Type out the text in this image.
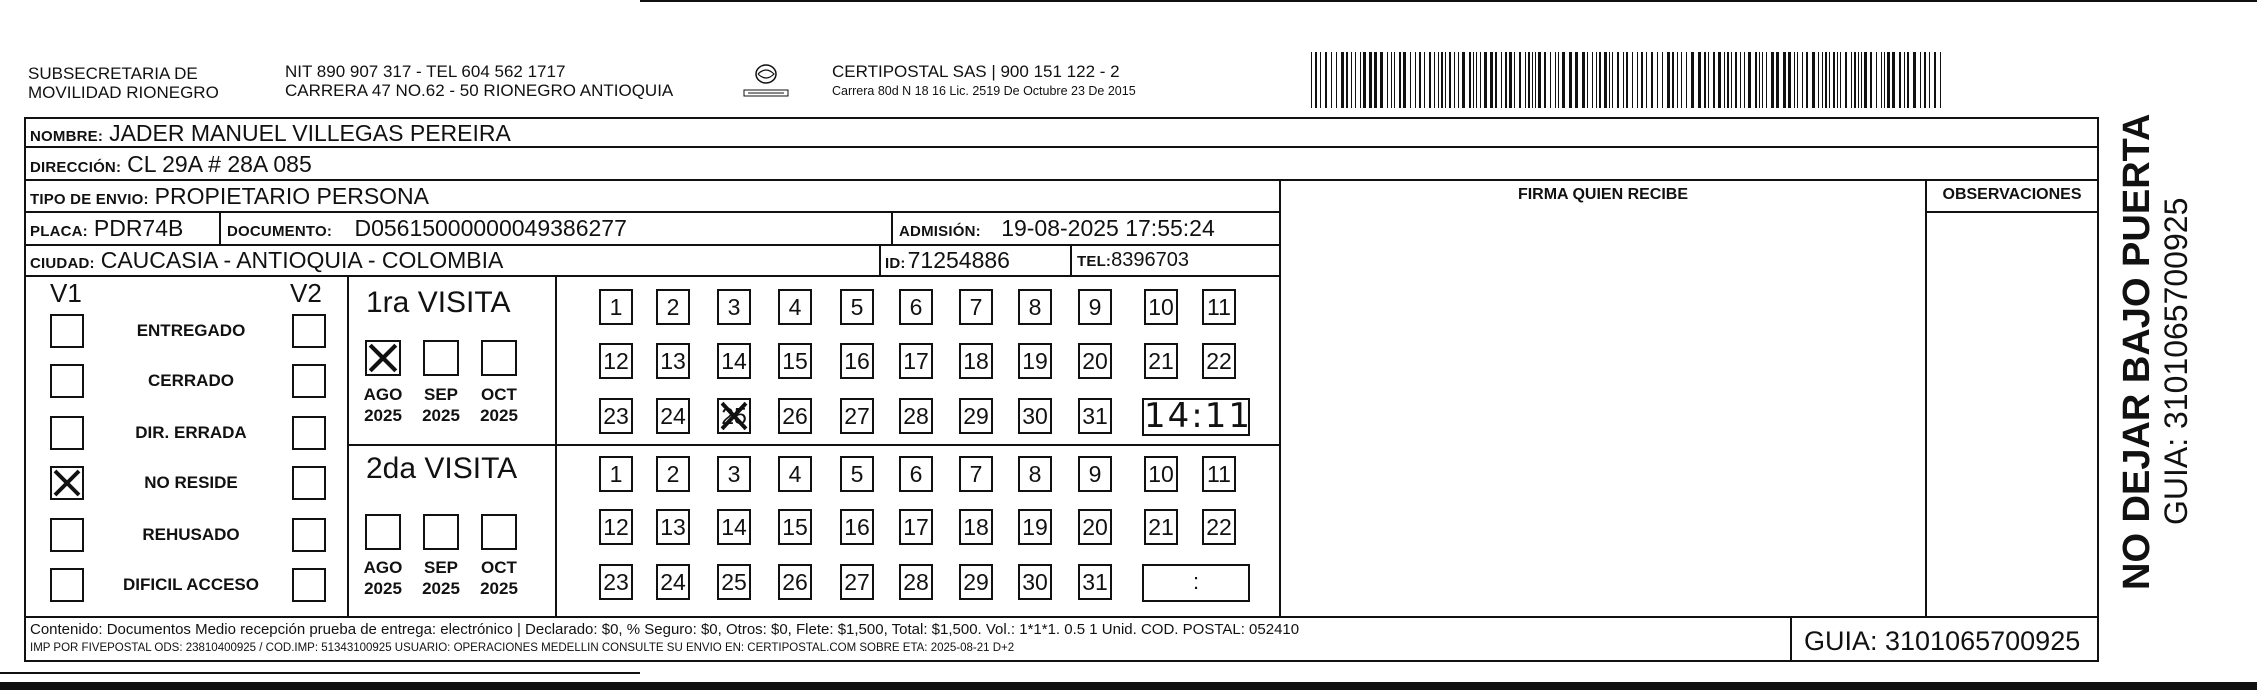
SUBSECRETARIA DE
MOVILIDAD RIONEGRO
NIT 890 907 317 - TEL 604 562 1717
CARRERA 47 NO.62 - 50 RIONEGRO ANTIOQUIA
CERTIPOSTAL SAS | 900 151 122 - 2
Carrera 80d N 18 16 Lic. 2519 De Octubre 23 De 2015
NOMBRE: JADER MANUEL VILLEGAS PEREIRA
DIRECCIÓN: CL 29A # 28A 085
TIPO DE ENVIO: PROPIETARIO PERSONA	FIRMA QUIEN RECIBE	OBSERVACIONES
PLACA: PDR74B	DOCUMENTO: D05615000000049386277	ADMISIÓN: 19-08-2025 17:55:24
CIUDAD: CAUCASIA - ANTIOQUIA - COLOMBIA	ID:71254886	TEL:8396703
V1	V2
ENTREGADO
CERRADO
DIR. ERRADA
NO RESIDE
REHUSADO
DIFICIL ACCESO
1ra VISITA
2da VISITA
AGO
2025
SEP
2025
OCT
2025
AGO
2025
SEP
2025
OCT
2025
1	2	3	4	5	6	7	8	9	10 11
12 13 14 15 16 17 18 19 20 21 22
23 24 25 26 27 28 29 30 31 14:11
1	2	3	4	5	6	7	8	9	10 11
12 13 14 15 16 17 18 19 20 21 22
23 24 25 26 27 28 29 30 31	:
Contenido: Documentos Medio recepción prueba de entrega: electrónico | Declarado: $0, % Seguro: $0, Otros: $0, Flete: $1,500, Total: $1,500. Vol.: 1*1*1. 0.5 1 Unid. COD. POSTAL: 052410
IMP POR FIVEPOSTAL ODS: 23810400925 / COD.IMP: 51343100925 USUARIO: OPERACIONES MEDELLIN CONSULTE SU ENVIO EN: CERTIPOSTAL.COM SOBRE ETA: 2025-08-21 D+2	GUIA: 3101065700925
NO DEJAR BAJO PUERTA GUIA: 3101065700925
